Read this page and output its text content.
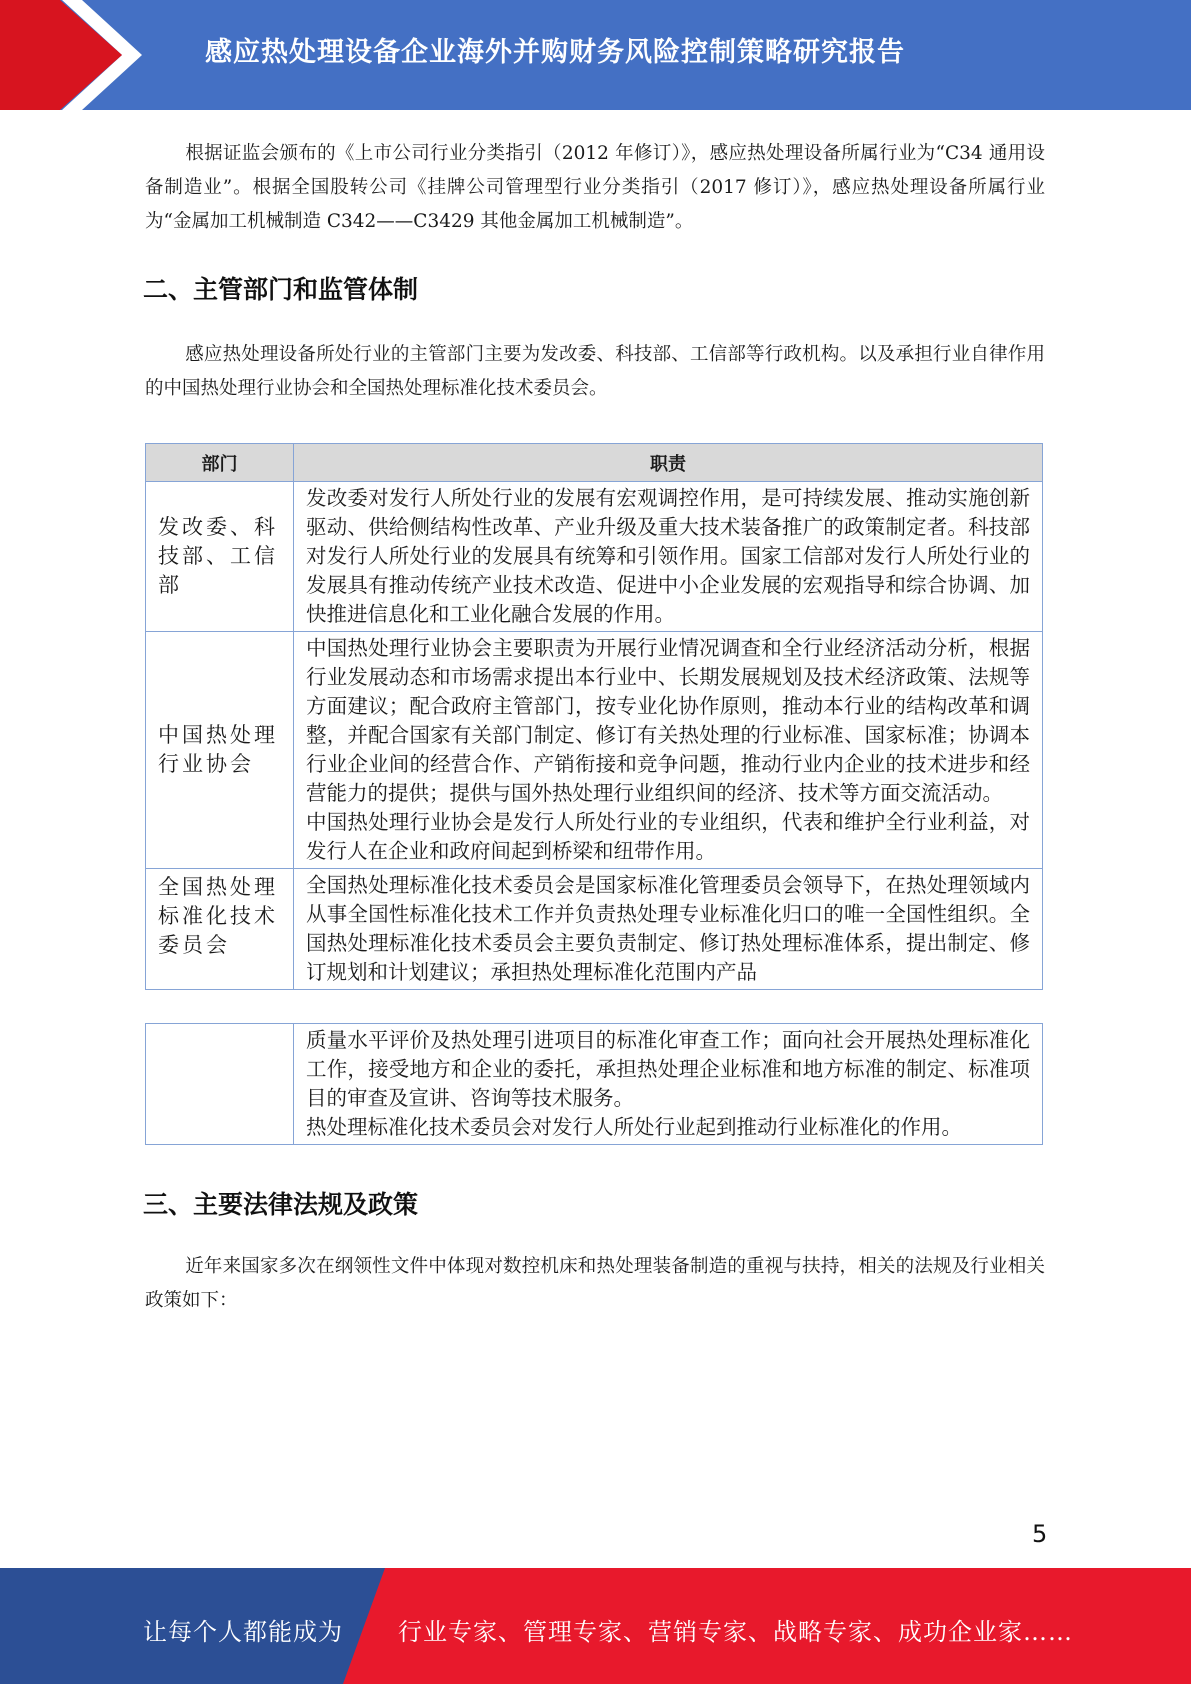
感应热处理设备企业海外并购财务风险控制策略研究报告

根据证监会颁布的《上市公司行业分类指引（2012 年修订）》，感应热处理设备所属行业为“C34 通用设备制造业”。根据全国股转公司《挂牌公司管理型行业分类指引（2017 修订）》，感应热处理设备所属行业为“金属加工机械制造 C342——C3429 其他金属加工机械制造”。

二、主管部门和监管体制

感应热处理设备所处行业的主管部门主要为发改委、科技部、工信部等行政机构。以及承担行业自律作用的中国热处理行业协会和全国热处理标准化技术委员会。

部门	职责
发改委、科技部、工信部	发改委对发行人所处行业的发展有宏观调控作用，是可持续发展、推动实施创新驱动、供给侧结构性改革、产业升级及重大技术装备推广的政策制定者。科技部对发行人所处行业的发展具有统筹和引领作用。国家工信部对发行人所处行业的发展具有推动传统产业技术改造、促进中小企业发展的宏观指导和综合协调、加快推进信息化和工业化融合发展的作用。

中国热处理行业协会	中国热处理行业协会主要职责为开展行业情况调查和全行业经济活动分析，根据行业发展动态和市场需求提出本行业中、长期发展规划及技术经济政策、法规等方面建议；配合政府主管部门，按专业化协作原则，推动本行业的结构改革和调整，并配合国家有关部门制定、修订有关热处理的行业标准、国家标准；协调本行业企业间的经营合作、产销衔接和竞争问题，推动行业内企业的技术进步和经营能力的提供；提供与国外热处理行业组织间的经济、技术等方面交流活动。

中国热处理行业协会是发行人所处行业的专业组织，代表和维护全行业利益，对发行人在企业和政府间起到桥梁和纽带作用。

全国热处理标准化技术委员会	全国热处理标准化技术委员会是国家标准化管理委员会领导下，在热处理领域内从事全国性标准化技术工作并负责热处理专业标准化归口的唯一全国性组织。全国热处理标准化技术委员会主要负责制定、修订热处理标准体系，提出制定、修订规划和计划建议；承担热处理标准化范围内产品

质量水平评价及热处理引进项目的标准化审查工作；面向社会开展热处理标准化工作，接受地方和企业的委托，承担热处理企业标准和地方标准的制定、标准项目的审查及宣讲、咨询等技术服务。

热处理标准化技术委员会对发行人所处行业起到推动行业标准化的作用。

三、主要法律法规及政策

近年来国家多次在纲领性文件中体现对数控机床和热处理装备制造的重视与扶持，相关的法规及行业相关政策如下：

5
让每个人都能成为 行业专家、管理专家、营销专家、战略专家、成功企业家……
